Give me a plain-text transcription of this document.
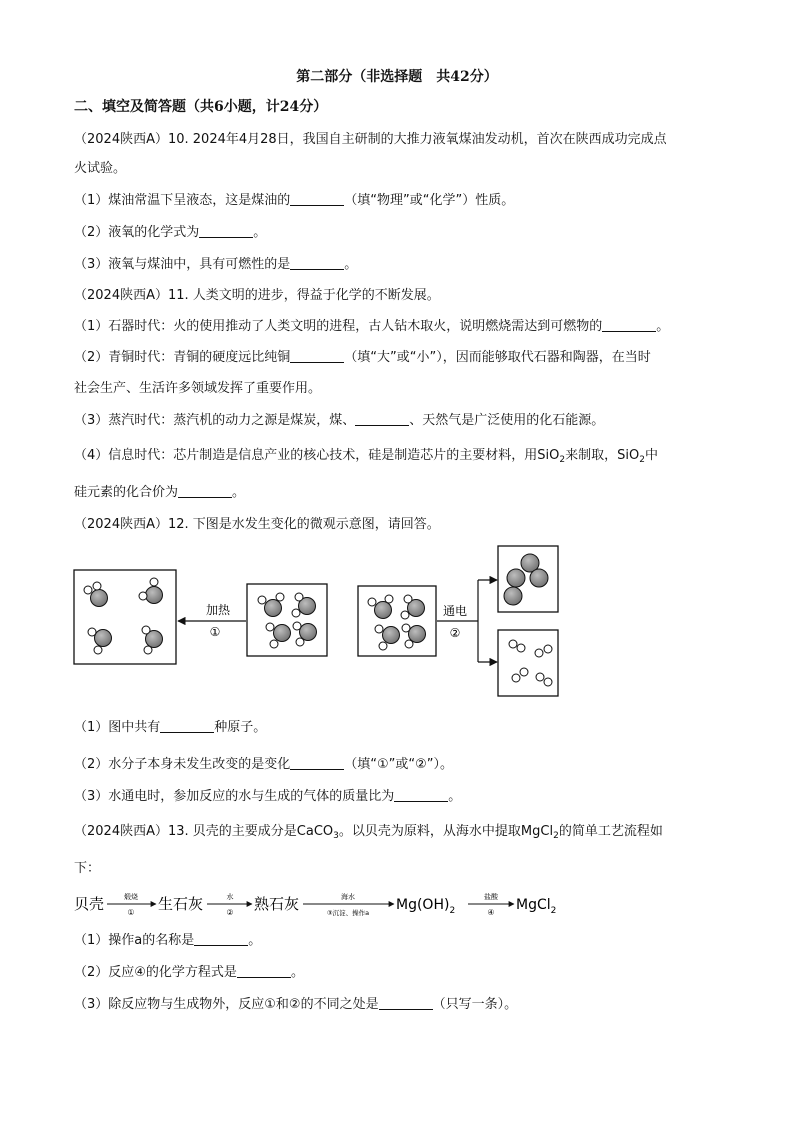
第二部分（非选择题　共42分）
二、填空及简答题（共6小题，计24分）
（2024陕西A）10. 2024年4月28日，我国自主研制的大推力液氧煤油发动机，首次在陕西成功完成点
火试验。
（1）煤油常温下呈液态，这是煤油的	（填“物理”或“化学”）性质。
（2）液氧的化学式为	。
（3）液氧与煤油中，具有可燃性的是	。
（2024陕西A）11. 人类文明的进步，得益于化学的不断发展。
（1）石器时代：火的使用推动了人类文明的进程，古人钻木取火，说明燃烧需达到可燃物的	。
（2）青铜时代：青铜的硬度远比纯铜	（填“大”或“小”），因而能够取代石器和陶器，在当时
社会生产、生活许多领域发挥了重要作用。
（3）蒸汽时代：蒸汽机的动力之源是煤炭，煤、	、天然气是广泛使用的化石能源。
（4）信息时代：芯片制造是信息产业的核心技术，硅是制造芯片的主要材料，用SiO$_2$来制取，SiO$_2$中
硅元素的化合价为	。
（2024陕西A）12. 下图是水发生变化的微观示意图，请回答。
加热
①
通电
②
（1）图中共有	种原子。
（2）水分子本身未发生改变的是变化	（填“①”或“②”）。
（3）水通电时，参加反应的水与生成的气体的质量比为	。
（2024陕西A）13. 贝壳的主要成分是CaCO$_3$。以贝壳为原料，从海水中提取MgCl$_2$的简单工艺流程如
下：
贝壳	煅烧
① 生石灰	水
② 熟石灰	海水
③沉淀、操作a $Mg(OH)_2$
盐酸
④ MgCl$_2$
（1）操作a的名称是	。
（2）反应④的化学方程式是	。
（3）除反应物与生成物外，反应①和②的不同之处是	（只写一条）。
